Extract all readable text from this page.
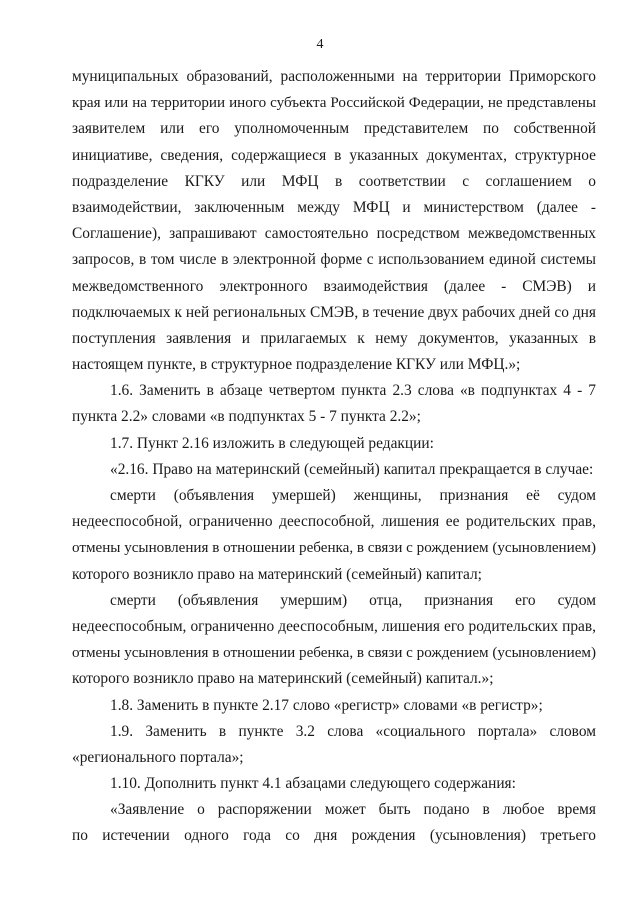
4
муниципальных образований, расположенными на территории Приморского
края или на территории иного субъекта Российской Федерации, не представлены
заявителем или его уполномоченным представителем по собственной
инициативе, сведения, содержащиеся в указанных документах, структурное
подразделение КГКУ или МФЦ в соответствии с соглашением о
взаимодействии, заключенным между МФЦ и министерством (далее -
Соглашение), запрашивают самостоятельно посредством межведомственных
запросов, в том числе в электронной форме с использованием единой системы
межведомственного электронного взаимодействия (далее - СМЭВ) и
подключаемых к ней региональных СМЭВ, в течение двух рабочих дней со дня
поступления заявления и прилагаемых к нему документов, указанных в
настоящем пункте, в структурное подразделение КГКУ или МФЦ.»;
1.6. Заменить в абзаце четвертом пункта 2.3 слова «в подпунктах 4 - 7
пункта 2.2» словами «в подпунктах 5 - 7 пункта 2.2»;
1.7. Пункт 2.16 изложить в следующей редакции:
«2.16. Право на материнский (семейный) капитал прекращается в случае:
смерти (объявления умершей) женщины, признания её судом
недееспособной, ограниченно дееспособной, лишения ее родительских прав,
отмены усыновления в отношении ребенка, в связи с рождением (усыновлением)
которого возникло право на материнский (семейный) капитал;
смерти (объявления умершим) отца, признания его судом
недееспособным, ограниченно дееспособным, лишения его родительских прав,
отмены усыновления в отношении ребенка, в связи с рождением (усыновлением)
которого возникло право на материнский (семейный) капитал.»;
1.8. Заменить в пункте 2.17 слово «регистр» словами «в регистр»;
1.9. Заменить в пункте 3.2 слова «социального портала» словом
«регионального портала»;
1.10. Дополнить пункт 4.1 абзацами следующего содержания:
«Заявление о распоряжении может быть подано в любое время
по истечении одного года со дня рождения (усыновления) третьего
